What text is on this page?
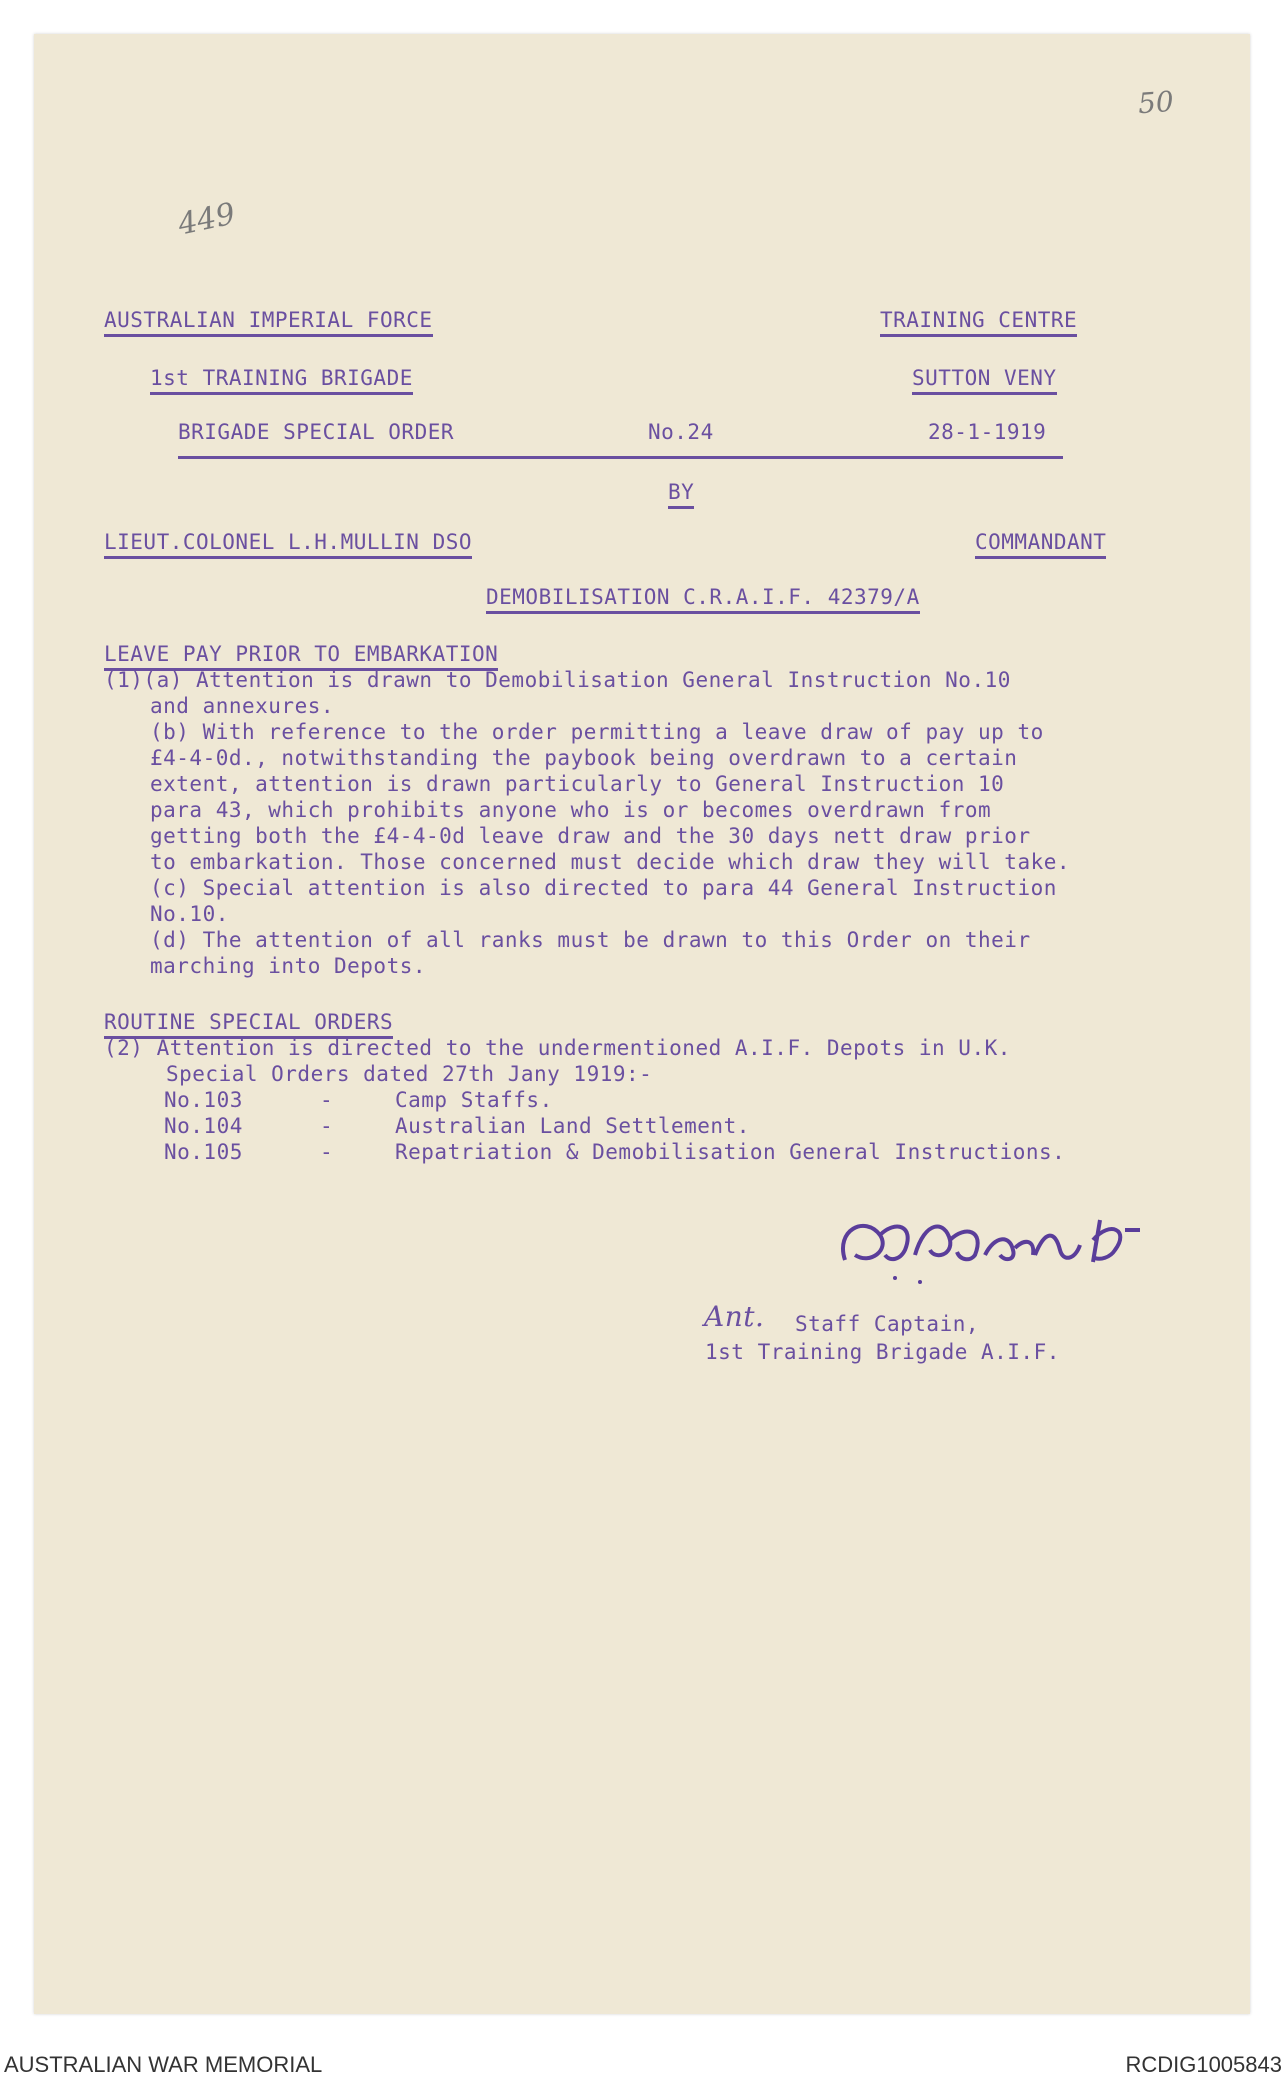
50
449
AUSTRALIAN IMPERIAL FORCE	TRAINING CENTRE
1st TRAINING BRIGADE	SUTTON VENY
BRIGADE SPECIAL ORDER	No.24	28-1-1919
BY
LIEUT.COLONEL L.H.MULLIN DSO	COMMANDANT
DEMOBILISATION C.R.A.I.F. 42379/A
LEAVE PAY PRIOR TO EMBARKATION
(1)(a) Attention is drawn to Demobilisation General Instruction No.10
and annexures.
(b) With reference to the order permitting a leave draw of pay up to
£4-4-0d., notwithstanding the paybook being overdrawn to a certain
extent, attention is drawn particularly to General Instruction 10
para 43, which prohibits anyone who is or becomes overdrawn from
getting both the £4-4-0d leave draw and the 30 days nett draw prior
to embarkation. Those concerned must decide which draw they will take.
(c) Special attention is also directed to para 44 General Instruction
No.10.
(d) The attention of all ranks must be drawn to this Order on their
marching into Depots.
ROUTINE SPECIAL ORDERS
(2) Attention is directed to the undermentioned A.I.F. Depots in U.K.
Special Orders dated 27th Jany 1919:-
No.103	-	Camp Staffs.
No.104	-	Australian Land Settlement.
No.105	-	Repatriation & Demobilisation General Instructions.
Ant. Staff Captain,
1st Training Brigade A.I.F.
AUSTRALIAN WAR MEMORIAL	RCDIG1005843
